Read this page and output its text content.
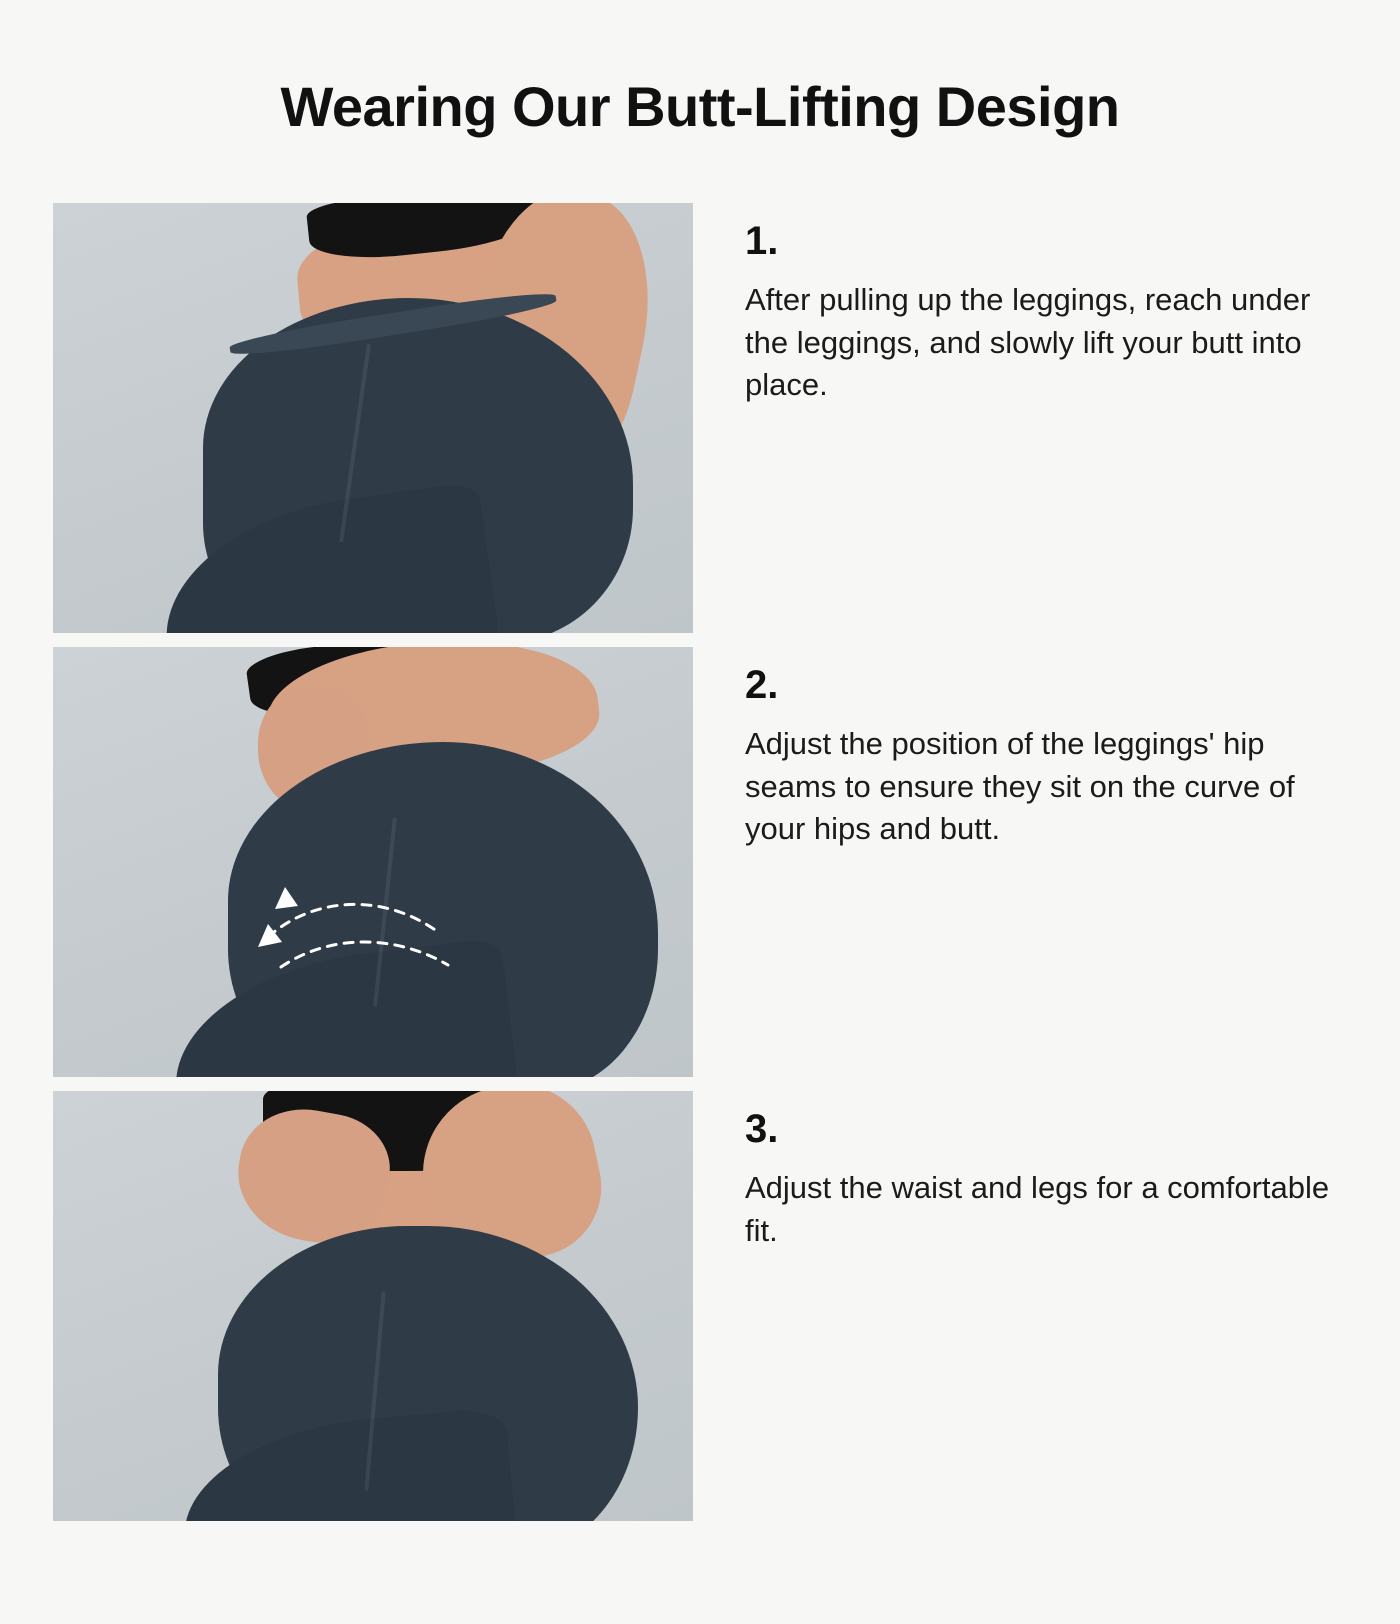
Wearing Our Butt-Lifting Design
1.
After pulling up the leggings, reach under the leggings, and slowly lift your butt into place.
2.
Adjust the position of the leggings' hip seams to ensure they sit on the curve of your hips and butt.
3.
Adjust the waist and legs for a comfortable fit.
